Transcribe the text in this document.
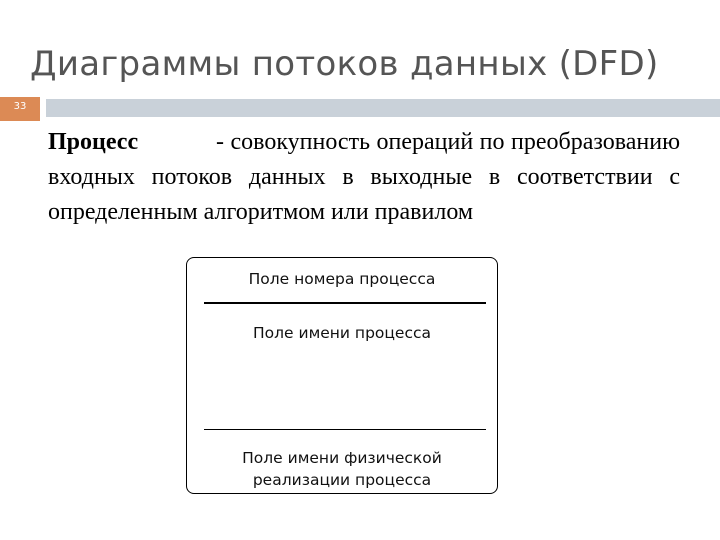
Диаграммы потоков данных (DFD)
33
Процесс	- совокупность операций по преобразованию входных потоков данных в выходные в соответствии с определенным алгоритмом или правилом
Поле номера процесса
Поле имени процесса
Поле имени физической
реализации процесса
